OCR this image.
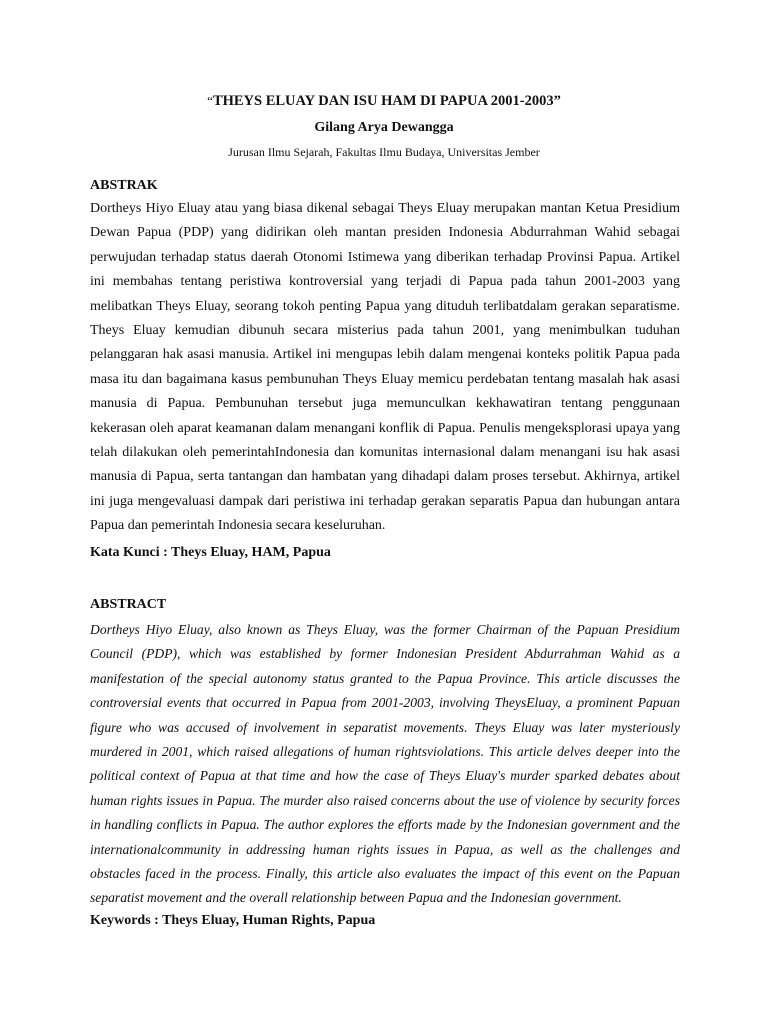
“THEYS ELUAY DAN ISU HAM DI PAPUA 2001-2003”
Gilang Arya Dewangga
Jurusan Ilmu Sejarah, Fakultas Ilmu Budaya, Universitas Jember

ABSTRAK

Dortheys Hiyo Eluay atau yang biasa dikenal sebagai Theys Eluay merupakan mantan Ketua Presidium Dewan Papua (PDP) yang didirikan oleh mantan presiden Indonesia Abdurrahman Wahid sebagai perwujudan terhadap status daerah Otonomi Istimewa yang diberikan terhadap Provinsi Papua. Artikel ini membahas tentang peristiwa kontroversial yang terjadi di Papua pada tahun 2001-2003 yang melibatkan Theys Eluay, seorang tokoh penting Papua yang dituduh terlibatdalam gerakan separatisme. Theys Eluay kemudian dibunuh secara misterius pada tahun 2001, yang menimbulkan tuduhan pelanggaran hak asasi manusia. Artikel ini mengupas lebih dalam mengenai konteks politik Papua pada masa itu dan bagaimana kasus pembunuhan Theys Eluay memicu perdebatan tentang masalah hak asasi manusia di Papua. Pembunuhan tersebut juga memunculkan kekhawatiran tentang penggunaan kekerasan oleh aparat keamanan dalam menangani konflik di Papua. Penulis mengeksplorasi upaya yang telah dilakukan oleh pemerintahIndonesia dan komunitas internasional dalam menangani isu hak asasi manusia di Papua, serta tantangan dan hambatan yang dihadapi dalam proses tersebut. Akhirnya, artikel ini juga mengevaluasi dampak dari peristiwa ini terhadap gerakan separatis Papua dan hubungan antara Papua dan pemerintah Indonesia secara keseluruhan.

Kata Kunci : Theys Eluay, HAM, Papua

ABSTRACT

Dortheys Hiyo Eluay, also known as Theys Eluay, was the former Chairman of the Papuan Presidium Council (PDP), which was established by former Indonesian President Abdurrahman Wahid as a manifestation of the special autonomy status granted to the Papua Province. This article discusses the controversial events that occurred in Papua from 2001-2003, involving TheysEluay, a prominent Papuan figure who was accused of involvement in separatist movements. Theys Eluay was later mysteriously murdered in 2001, which raised allegations of human rightsviolations. This article delves deeper into the political context of Papua at that time and how the case of Theys Eluay's murder sparked debates about human rights issues in Papua. The murder also raised concerns about the use of violence by security forces in handling conflicts in Papua. The author explores the efforts made by the Indonesian government and the internationalcommunity in addressing human rights issues in Papua, as well as the challenges and obstacles faced in the process. Finally, this article also evaluates the impact of this event on the Papuan separatist movement and the overall relationship between Papua and the Indonesian government.

Keywords : Theys Eluay, Human Rights, Papua
